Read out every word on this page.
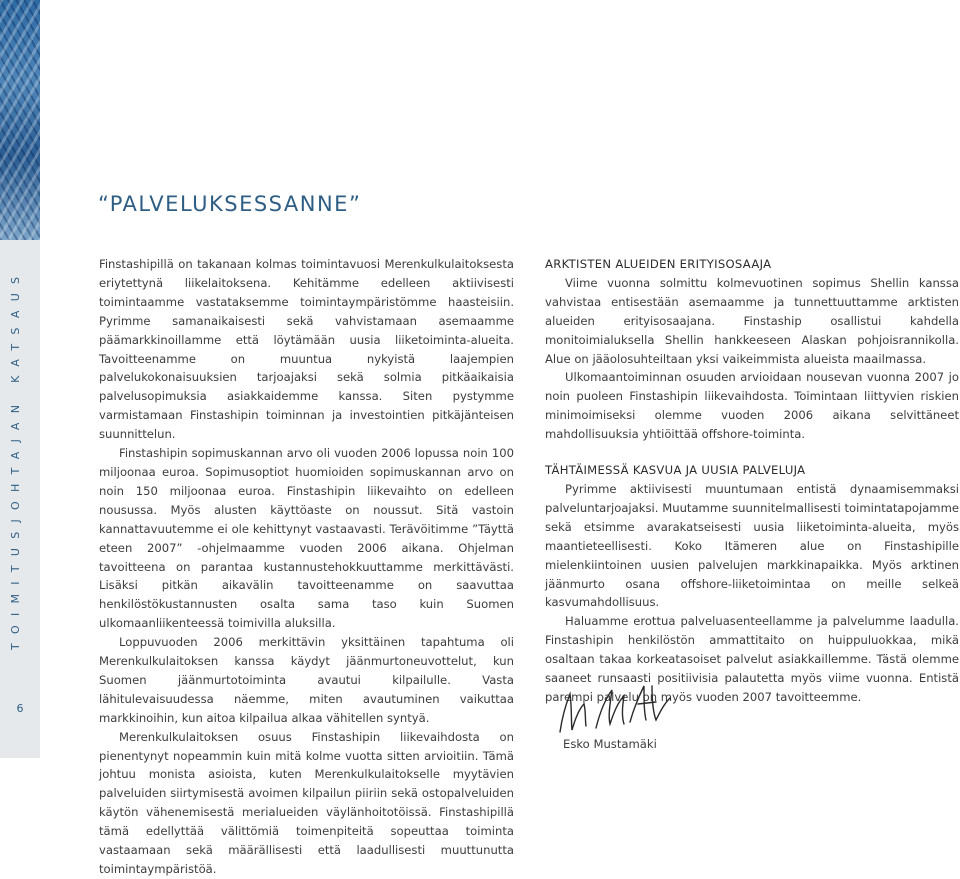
TOIMITUSJOHTAJAN KATSAUS
6
“PALVELUKSESSANNE”

Finstashipillä on takanaan kolmas toimintavuosi Merenkulkulaitoksesta eriytettynä liikelaitoksena. Kehitämme edelleen aktiivisesti toimintaamme vastataksemme toimintaympäristömme haasteisiin. Pyrimme samanaikaisesti sekä vahvistamaan asemaamme päämarkkinoillamme että löytämään uusia liiketoiminta-alueita. Tavoitteenamme on muuntua nykyistä laajempien palvelukokonaisuuksien tarjoajaksi sekä solmia pitkäaikaisia palvelusopimuksia asiakkaidemme kanssa. Siten pystymme varmistamaan Finstashipin toiminnan ja investointien pitkäjänteisen suunnittelun.

Finstashipin sopimuskannan arvo oli vuoden 2006 lopussa noin 100 miljoonaa euroa. Sopimusoptiot huomioiden sopimuskannan arvo on noin 150 miljoonaa euroa. Finstashipin liikevaihto on edelleen nousussa. Myös alusten käyttöaste on noussut. Sitä vastoin kannattavuutemme ei ole kehittynyt vastaavasti. Terävöitimme ”Täyttä eteen 2007” -ohjelmaamme vuoden 2006 aikana. Ohjelman tavoitteena on parantaa kustannustehokkuuttamme merkittävästi. Lisäksi pitkän aikavälin tavoitteenamme on saavuttaa henkilöstökustannusten osalta sama taso kuin Suomen ulkomaanliikenteessä toimivilla aluksilla.

Loppuvuoden 2006 merkittävin yksittäinen tapahtuma oli Merenkulkulaitoksen kanssa käydyt jäänmurtoneuvottelut, kun Suomen jäänmurtotoiminta avautui kilpailulle. Vasta lähitulevaisuudessa näemme, miten avautuminen vaikuttaa markkinoihin, kun aitoa kilpailua alkaa vähitellen syntyä.

Merenkulkulaitoksen osuus Finstashipin liikevaihdosta on pienentynyt nopeammin kuin mitä kolme vuotta sitten arvioitiin. Tämä johtuu monista asioista, kuten Merenkulkulaitokselle myytävien palveluiden siirtymisestä avoimen kilpailun piiriin sekä ostopalveluiden käytön vähenemisestä merialueiden väylänhoitotöissä. Finstashipillä tämä edellyttää välittömiä toimenpiteitä sopeuttaa toiminta vastaamaan sekä määrällisesti että laadullisesti muuttunutta toimintaympäristöä.

ARKTISTEN ALUEIDEN ERITYISOSAAJA

Viime vuonna solmittu kolmevuotinen sopimus Shellin kanssa vahvistaa entisestään asemaamme ja tunnettuuttamme arktisten alueiden erityisosaajana. Finstaship osallistui kahdella monitoimialuksella Shellin hankkeeseen Alaskan pohjoisrannikolla. Alue on jääolosuhteiltaan yksi vaikeimmista alueista maailmassa.

Ulkomaantoiminnan osuuden arvioidaan nousevan vuonna 2007 jo noin puoleen Finstashipin liikevaihdosta. Toimintaan liittyvien riskien minimoimiseksi olemme vuoden 2006 aikana selvittäneet mahdollisuuksia yhtiöittää offshore-toiminta.

TÄHTÄIMESSÄ KASVUA JA UUSIA PALVELUJA

Pyrimme aktiivisesti muuntumaan entistä dynaamisemmaksi palveluntarjoajaksi. Muutamme suunnitelmallisesti toimintatapojamme sekä etsimme avarakatseisesti uusia liiketoiminta-alueita, myös maantieteellisesti. Koko Itämeren alue on Finstashipille mielenkiintoinen uusien palvelujen markkinapaikka. Myös arktinen jäänmurto osana offshore-liiketoimintaa on meille selkeä kasvumahdollisuus.

Haluamme erottua palveluasenteellamme ja palvelumme laadulla. Finstashipin henkilöstön ammattitaito on huippuluokkaa, mikä osaltaan takaa korkeatasoiset palvelut asiakkaillemme. Tästä olemme saaneet runsaasti positiivisia palautetta myös viime vuonna. Entistä parempi palvelu on myös vuoden 2007 tavoitteemme.

Esko Mustamäki
